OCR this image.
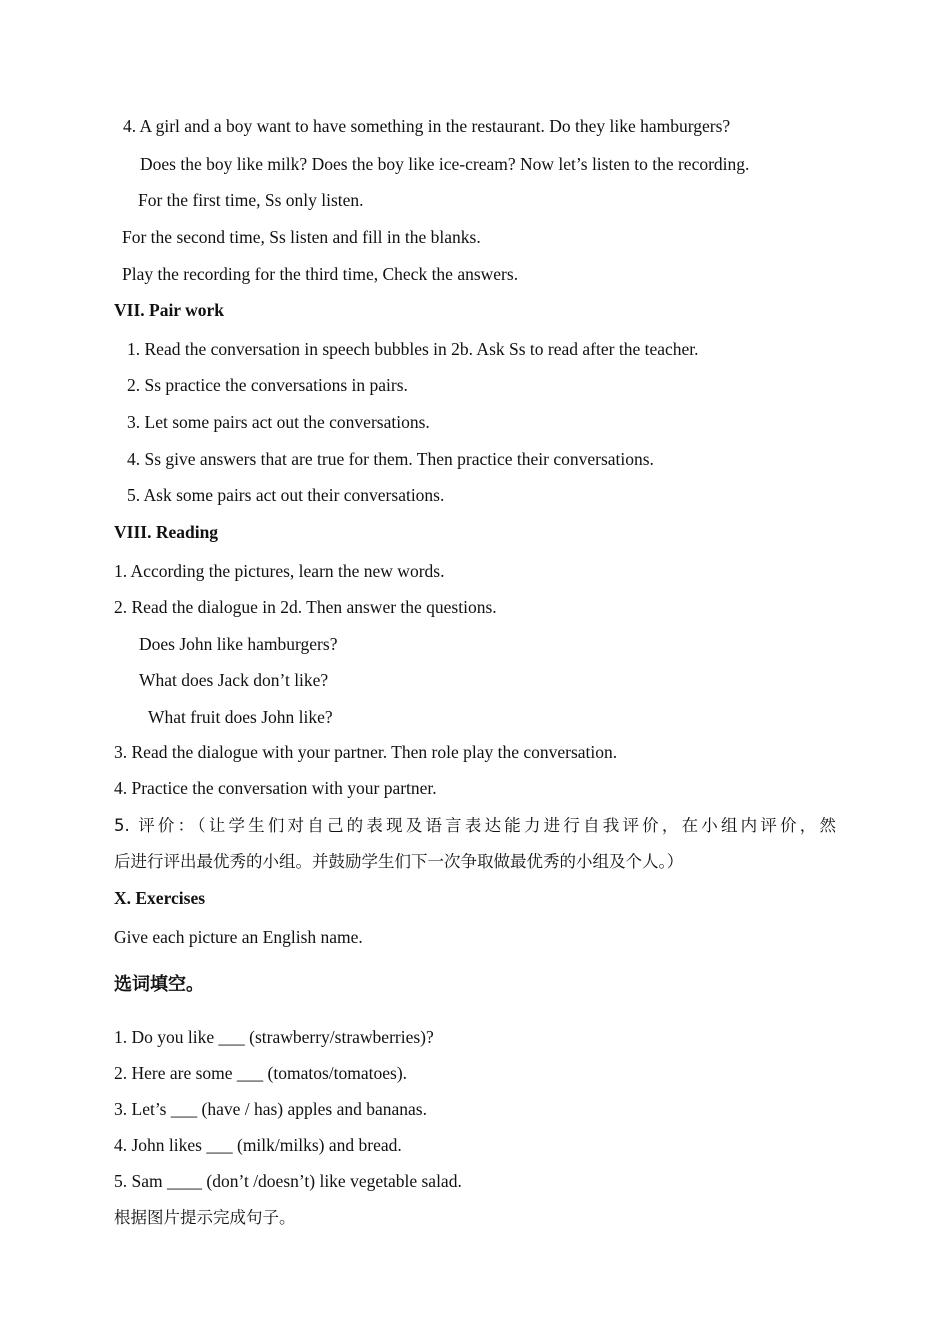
4. A girl and a boy want to have something in the restaurant. Do they like hamburgers?
Does the boy like milk? Does the boy like ice-cream? Now let’s listen to the recording.
For the first time, Ss only listen.
For the second time, Ss listen and fill in the blanks.
Play the recording for the third time, Check the answers.
VII. Pair work
1. Read the conversation in speech bubbles in 2b. Ask Ss to read after the teacher.
2. Ss practice the conversations in pairs.
3. Let some pairs act out the conversations.
4. Ss give answers that are true for them. Then practice their conversations.
5. Ask some pairs act out their conversations.
VIII. Reading
1. According the pictures, learn the new words.
2. Read the dialogue in 2d. Then answer the questions.
Does John like hamburgers?
What does Jack don’t like?
What fruit does John like?
3. Read the dialogue with your partner. Then role play the conversation.
4. Practice the conversation with your partner.
5. 评价：（让学生们对自己的表现及语言表达能力进行自我评价，在小组内评价，然
后进行评出最优秀的小组。并鼓励学生们下一次争取做最优秀的小组及个人。）
X. Exercises
Give each picture an English name.
选词填空。
1. Do you like ___ (strawberry/strawberries)?
2. Here are some ___ (tomatos/tomatoes).
3. Let’s ___ (have / has) apples and bananas.
4. John likes ___ (milk/milks) and bread.
5. Sam ____ (don’t /doesn’t) like vegetable salad.
根据图片提示完成句子。
